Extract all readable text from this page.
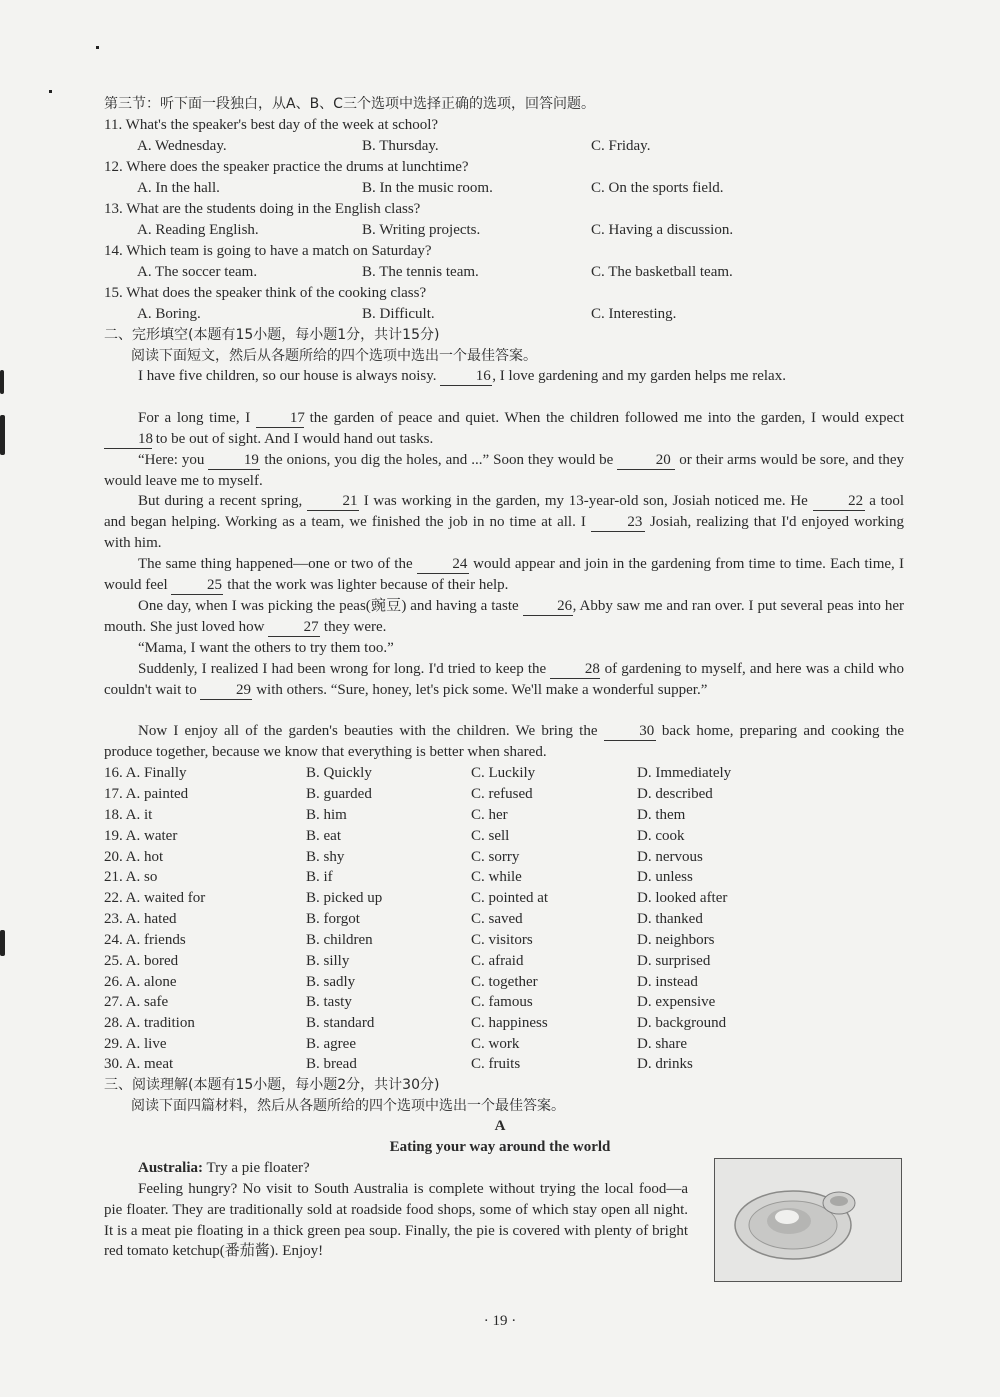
第三节：听下面一段独白，从A、B、C三个选项中选择正确的选项，回答问题。
11. What's the speaker's best day of the week at school?
A. Wednesday.	B. Thursday.	C. Friday.
12. Where does the speaker practice the drums at lunchtime?
A. In the hall.	B. In the music room.	C. On the sports field.
13. What are the students doing in the English class?
A. Reading English.	B. Writing projects.	C. Having a discussion.
14. Which team is going to have a match on Saturday?
A. The soccer team.	B. The tennis team.	C. The basketball team.
15. What does the speaker think of the cooking class?
A. Boring.	B. Difficult.	C. Interesting.
二、完形填空(本题有15小题，每小题1分，共计15分)
阅读下面短文，然后从各题所给的四个选项中选出一个最佳答案。
I have five children, so our house is always noisy.	16 , I love gardening and my garden helps me relax.
For a long time, I	17 the garden of peace and quiet. When the children followed me into the garden, I would expect 18 to be out of sight. And I would hand out tasks.
“Here: you	19 the onions, you dig the holes, and ...” Soon they would be	20 or their arms would be sore, and they would leave me to myself.
But during a recent spring,	21 I was working in the garden, my 13-year-old son, Josiah noticed me. He	22 a tool and began helping. Working as a team, we finished the job in no time at all. I	23 Josiah, realizing that I'd enjoyed working with him.
The same thing happened—one or two of the	24 would appear and join in the gardening from time to time. Each time, I would feel	25 that the work was lighter because of their help.
One day, when I was picking the peas(豌豆) and having a taste	26, Abby saw me and ran over. I put several peas into her mouth. She just loved how	27 they were.
“Mama, I want the others to try them too.”
Suddenly, I realized I had been wrong for long. I'd tried to keep the	28 of gardening to myself, and here was a child who couldn't wait to	29 with others. “Sure, honey, let's pick some. We'll make a wonderful supper.”
Now I enjoy all of the garden's beauties with the children. We bring the	30 back home, preparing and cooking the produce together, because we know that everything is better when shared.
16. A. Finally	B. Quickly	C. Luckily	D. Immediately
17. A. painted	B. guarded	C. refused	D. described
18. A. it	B. him	C. her	D. them
19. A. water	B. eat	C. sell	D. cook
20. A. hot	B. shy	C. sorry	D. nervous
21. A. so	B. if	C. while	D. unless
22. A. waited for	B. picked up	C. pointed at	D. looked after
23. A. hated	B. forgot	C. saved	D. thanked
24. A. friends	B. children	C. visitors	D. neighbors
25. A. bored	B. silly	C. afraid	D. surprised
26. A. alone	B. sadly	C. together	D. instead
27. A. safe	B. tasty	C. famous	D. expensive
28. A. tradition	B. standard	C. happiness	D. background
29. A. live	B. agree	C. work	D. share
30. A. meat	B. bread	C. fruits	D. drinks
三、阅读理解(本题有15小题，每小题2分，共计30分)
阅读下面四篇材料，然后从各题所给的四个选项中选出一个最佳答案。
A
Eating your way around the world
Australia: Try a pie floater?
Feeling hungry? No visit to South Australia is complete without trying the local food—a pie floater. They are traditionally sold at roadside food shops, some of which stay open all night. It is a meat pie floating in a thick green pea soup. Finally, the pie is covered with plenty of bright red tomato ketchup(番茄酱). Enjoy!
· 19 ·
